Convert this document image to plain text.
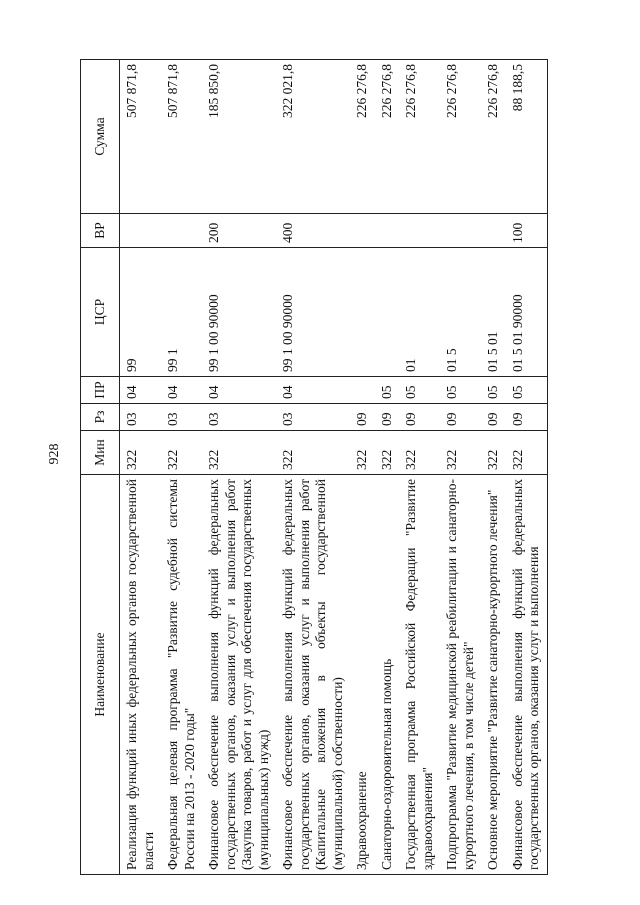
928
Наименование	Мин	Рз	ПР	ЦСР	ВР	Сумма
Реализация функций иных федеральных органов государственной власти	322	03	04	99		507 871,8
Федеральная целевая программа "Развитие судебной системы России на 2013 - 2020 годы"	322	03	04	99 1		507 871,8
Финансовое обеспечение выполнения функций федеральных государственных органов, оказания услуг и выполнения работ (Закупка товаров, работ и услуг для обеспечения государственных (муниципальных) нужд)	322	03	04	99 1 00 90000	200	185 850,0
Финансовое обеспечение выполнения функций федеральных государственных органов, оказания услуг и выполнения работ (Капитальные вложения в объекты государственной (муниципальной) собственности)	322	03	04	99 1 00 90000	400	322 021,8
Здравоохранение	322	09				226 276,8
Санаторно-оздоровительная помощь	322	09	05			226 276,8
Государственная программа Российской Федерации "Развитие здравоохранения"	322	09	05	01		226 276,8
Подпрограмма "Развитие медицинской реабилитации и санаторно-курортного лечения, в том числе детей"	322	09	05	01 5		226 276,8
Основное мероприятие "Развитие санаторно-курортного лечения"	322	09	05	01 5 01		226 276,8
Финансовое обеспечение выполнения функций федеральных государственных органов, оказания услуг и выполнения	322	09	05	01 5 01 90000	100	88 188,5
